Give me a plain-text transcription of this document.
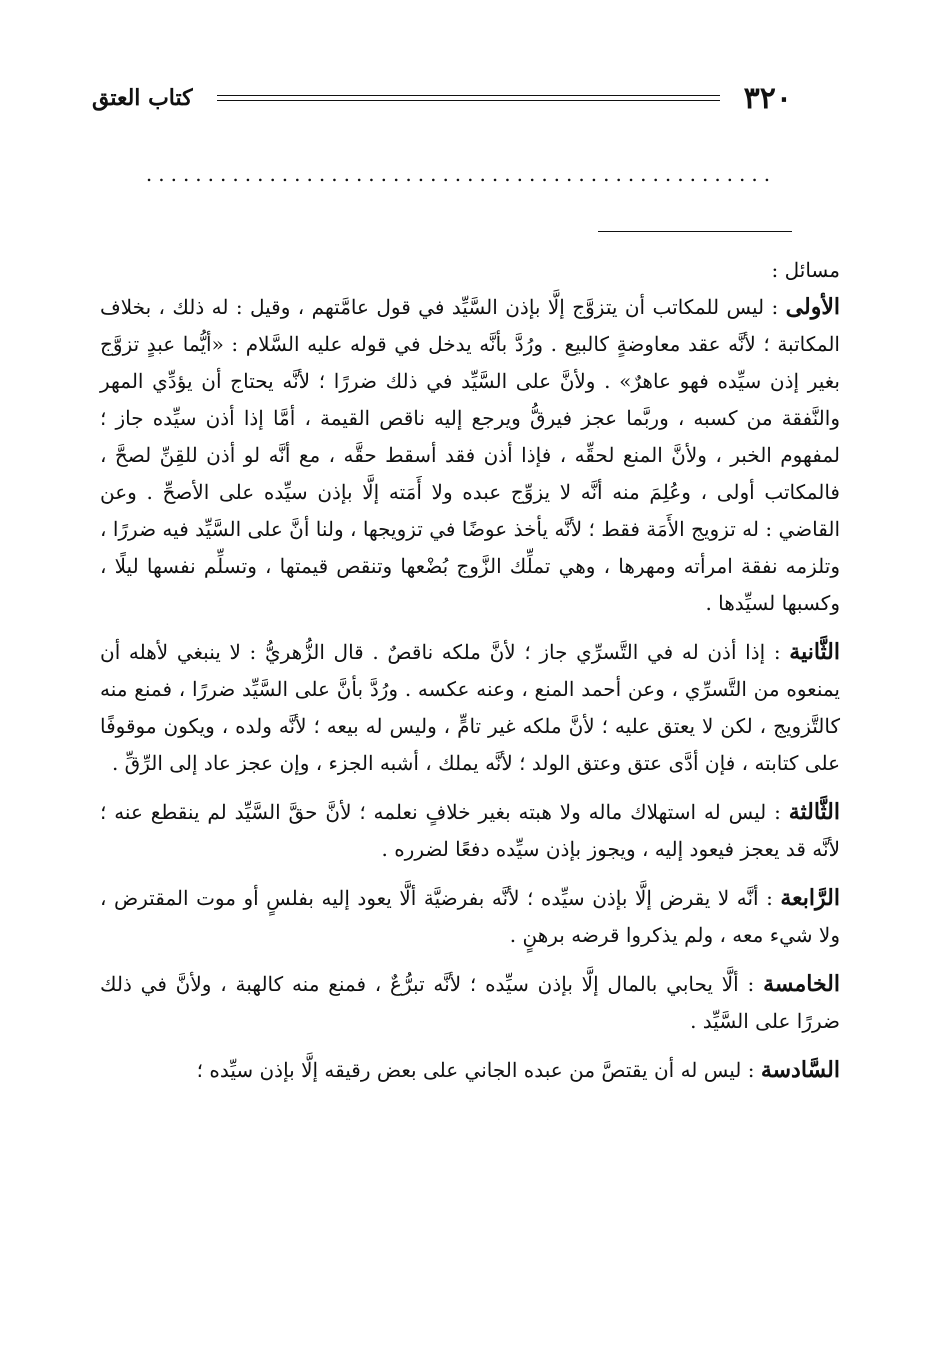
٣٢٠
كتاب العتق
...................................................

مسائل :

الأولى : ليس للمكاتب أن يتزوَّج إلَّا بإذن السَّيِّد في قول عامَّتهم ، وقيل : له ذلك ، بخلاف المكاتبة ؛ لأنَّه عقد معاوضةٍ كالبيع . ورُدَّ بأنَّه يدخل في قوله عليه السَّلام : «أيُّما عبدٍ تزوَّج بغير إذن سيِّده فهو عاهرٌ» . ولأنَّ على السَّيِّد في ذلك ضررًا ؛ لأنَّه يحتاج أن يؤدِّي المهر والنَّفقة من كسبه ، وربَّما عجز فيرقُّ ويرجع إليه ناقص القيمة ، أمَّا إذا أذن سيِّده جاز ؛ لمفهوم الخبر ، ولأنَّ المنع لحقِّه ، فإذا أذن فقد أسقط حقَّه ، مع أنَّه لو أذن للقِنِّ لصحَّ ، فالمكاتب أولى ، وعُلِمَ منه أنَّه لا يزوِّج عبده ولا أَمَته إلَّا بإذن سيِّده على الأصحِّ . وعن القاضي : له تزويج الأَمَة فقط ؛ لأنَّه يأخذ عوضًا في تزويجها ، ولنا أنَّ على السَّيِّد فيه ضررًا ، وتلزمه نفقة امرأته ومهرها ، وهي تملِّك الزَّوج بُضْعها وتنقص قيمتها ، وتسلِّم نفسها ليلًا ، وكسبها لسيِّدها .

الثَّانية : إذا أذن له في التَّسرِّي جاز ؛ لأنَّ ملكه ناقصٌ . قال الزُّهريُّ : لا ينبغي لأهله أن يمنعوه من التَّسرِّي ، وعن أحمد المنع ، وعنه عكسه . ورُدَّ بأنَّ على السَّيِّد ضررًا ، فمنع منه كالتَّزويج ، لكن لا يعتق عليه ؛ لأنَّ ملكه غير تامٍّ ، وليس له بيعه ؛ لأنَّه ولده ، ويكون موقوفًا على كتابته ، فإن أدَّى عتق وعتق الولد ؛ لأنَّه يملك ، أشبه الجزء ، وإن عجز عاد إلى الرِّقِّ .

الثَّالثة : ليس له استهلاك ماله ولا هبته بغير خلافٍ نعلمه ؛ لأنَّ حقَّ السَّيِّد لم ينقطع عنه ؛ لأنَّه قد يعجز فيعود إليه ، ويجوز بإذن سيِّده دفعًا لضرره .

الرَّابعة : أنَّه لا يقرض إلَّا بإذن سيِّده ؛ لأنَّه بفرضيَّة ألَّا يعود إليه بفلسٍ أو موت المقترض ، ولا شيء معه ، ولم يذكروا قرضه برهنٍ .

الخامسة : ألَّا يحابي بالمال إلَّا بإذن سيِّده ؛ لأنَّه تبرُّعٌ ، فمنع منه كالهبة ، ولأنَّ في ذلك ضررًا على السَّيِّد .

السَّادسة : ليس له أن يقتصَّ من عبده الجاني على بعض رقيقه إلَّا بإذن سيِّده ؛
